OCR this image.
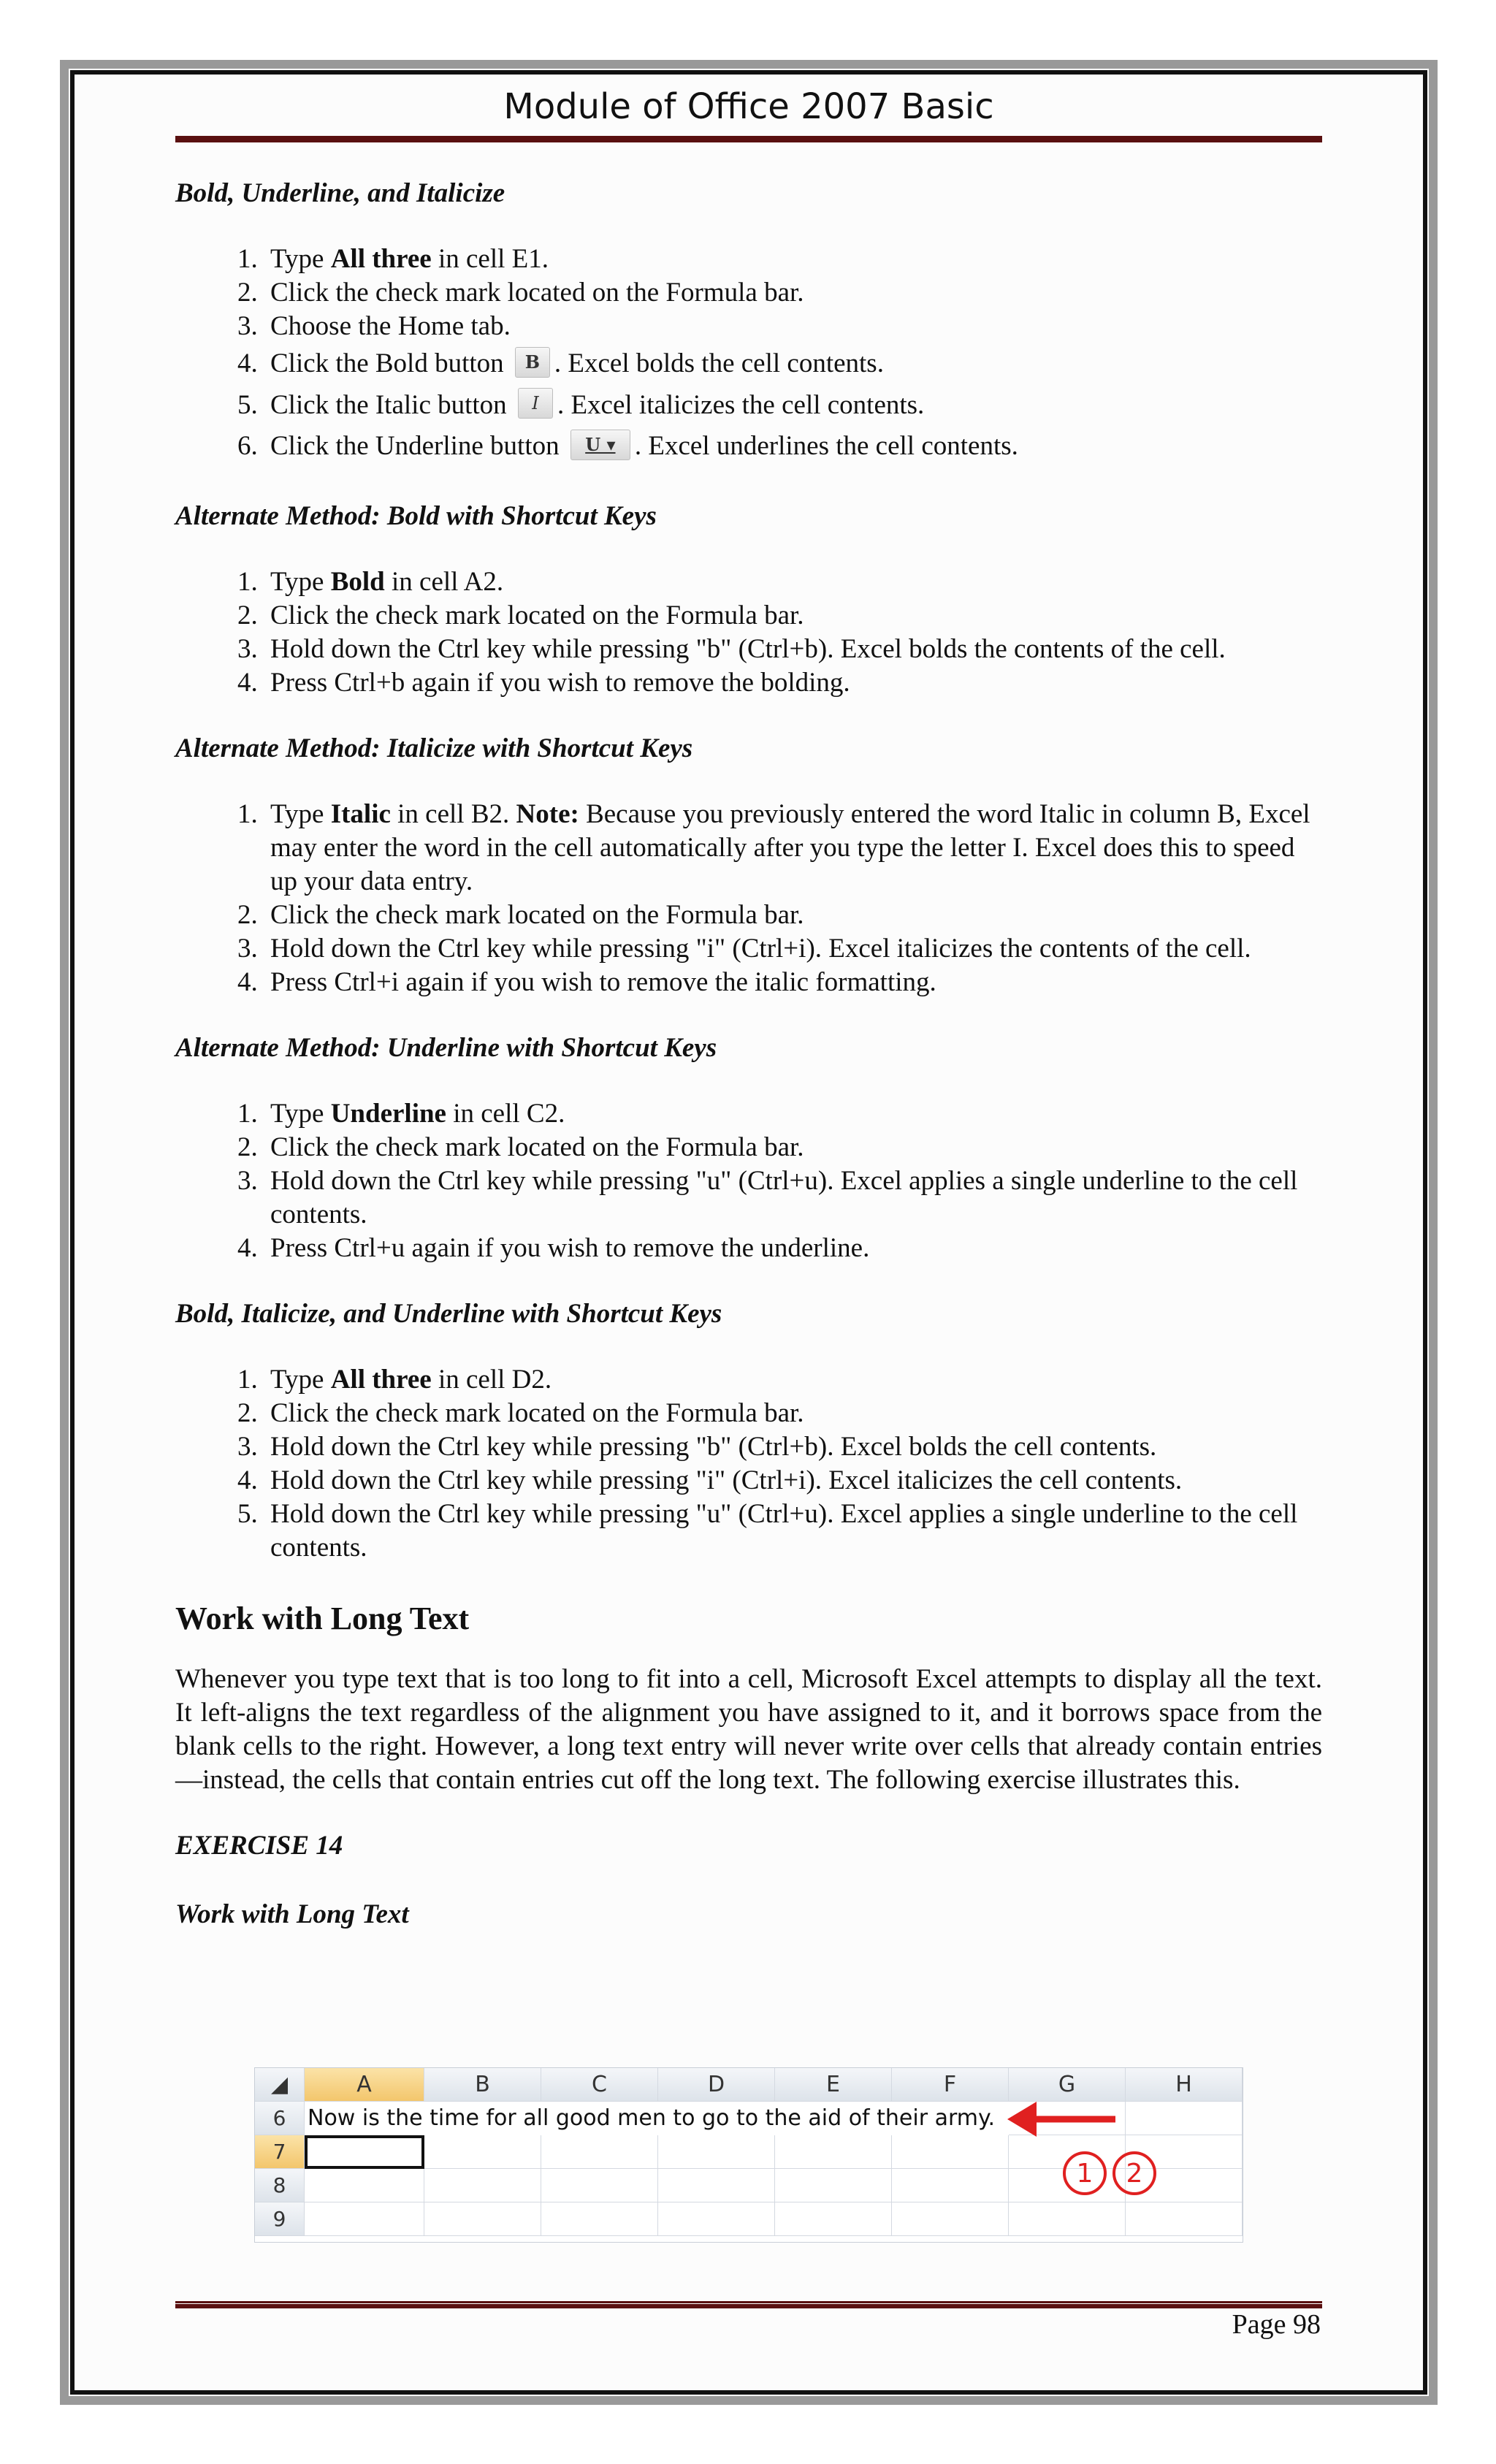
Module of Office 2007 Basic
Bold, Underline, and Italicize
1. Type All three in cell E1.
2. Click the check mark located on the Formula bar.
3. Choose the Home tab.
4. Click the Bold button B . Excel bolds the cell contents.
5. Click the Italic button I . Excel italicizes the cell contents.
6. Click the Underline button U ▾ . Excel underlines the cell contents.
Alternate Method: Bold with Shortcut Keys
1. Type Bold in cell A2.
2. Click the check mark located on the Formula bar.
3. Hold down the Ctrl key while pressing "b" (Ctrl+b). Excel bolds the contents of the cell.
4. Press Ctrl+b again if you wish to remove the bolding.
Alternate Method: Italicize with Shortcut Keys
1. Type Italic in cell B2. Note: Because you previously entered the word Italic in column B, Excel may enter the word in the cell automatically after you type the letter I. Excel does this to speed up your data entry.
2. Click the check mark located on the Formula bar.
3. Hold down the Ctrl key while pressing "i" (Ctrl+i). Excel italicizes the contents of the cell.
4. Press Ctrl+i again if you wish to remove the italic formatting.
Alternate Method: Underline with Shortcut Keys
1. Type Underline in cell C2.
2. Click the check mark located on the Formula bar.
3. Hold down the Ctrl key while pressing "u" (Ctrl+u). Excel applies a single underline to the cell contents.
4. Press Ctrl+u again if you wish to remove the underline.
Bold, Italicize, and Underline with Shortcut Keys
1. Type All three in cell D2.
2. Click the check mark located on the Formula bar.
3. Hold down the Ctrl key while pressing "b" (Ctrl+b). Excel bolds the cell contents.
4. Hold down the Ctrl key while pressing "i" (Ctrl+i). Excel italicizes the cell contents.
5. Hold down the Ctrl key while pressing "u" (Ctrl+u). Excel applies a single underline to the cell contents.
Work with Long Text
Whenever you type text that is too long to fit into a cell, Microsoft Excel attempts to display all the text. It left-aligns the text regardless of the alignment you have assigned to it, and it borrows space from the blank cells to the right. However, a long text entry will never write over cells that already contain entries—instead, the cells that contain entries cut off the long text. The following exercise illustrates this.
EXERCISE 14
Work with Long Text
◢	A	B	C	D	E	F	G	H
6 Now is the time for all good men to go to the aid of their army.
7
8
9
1 2
Page 98
